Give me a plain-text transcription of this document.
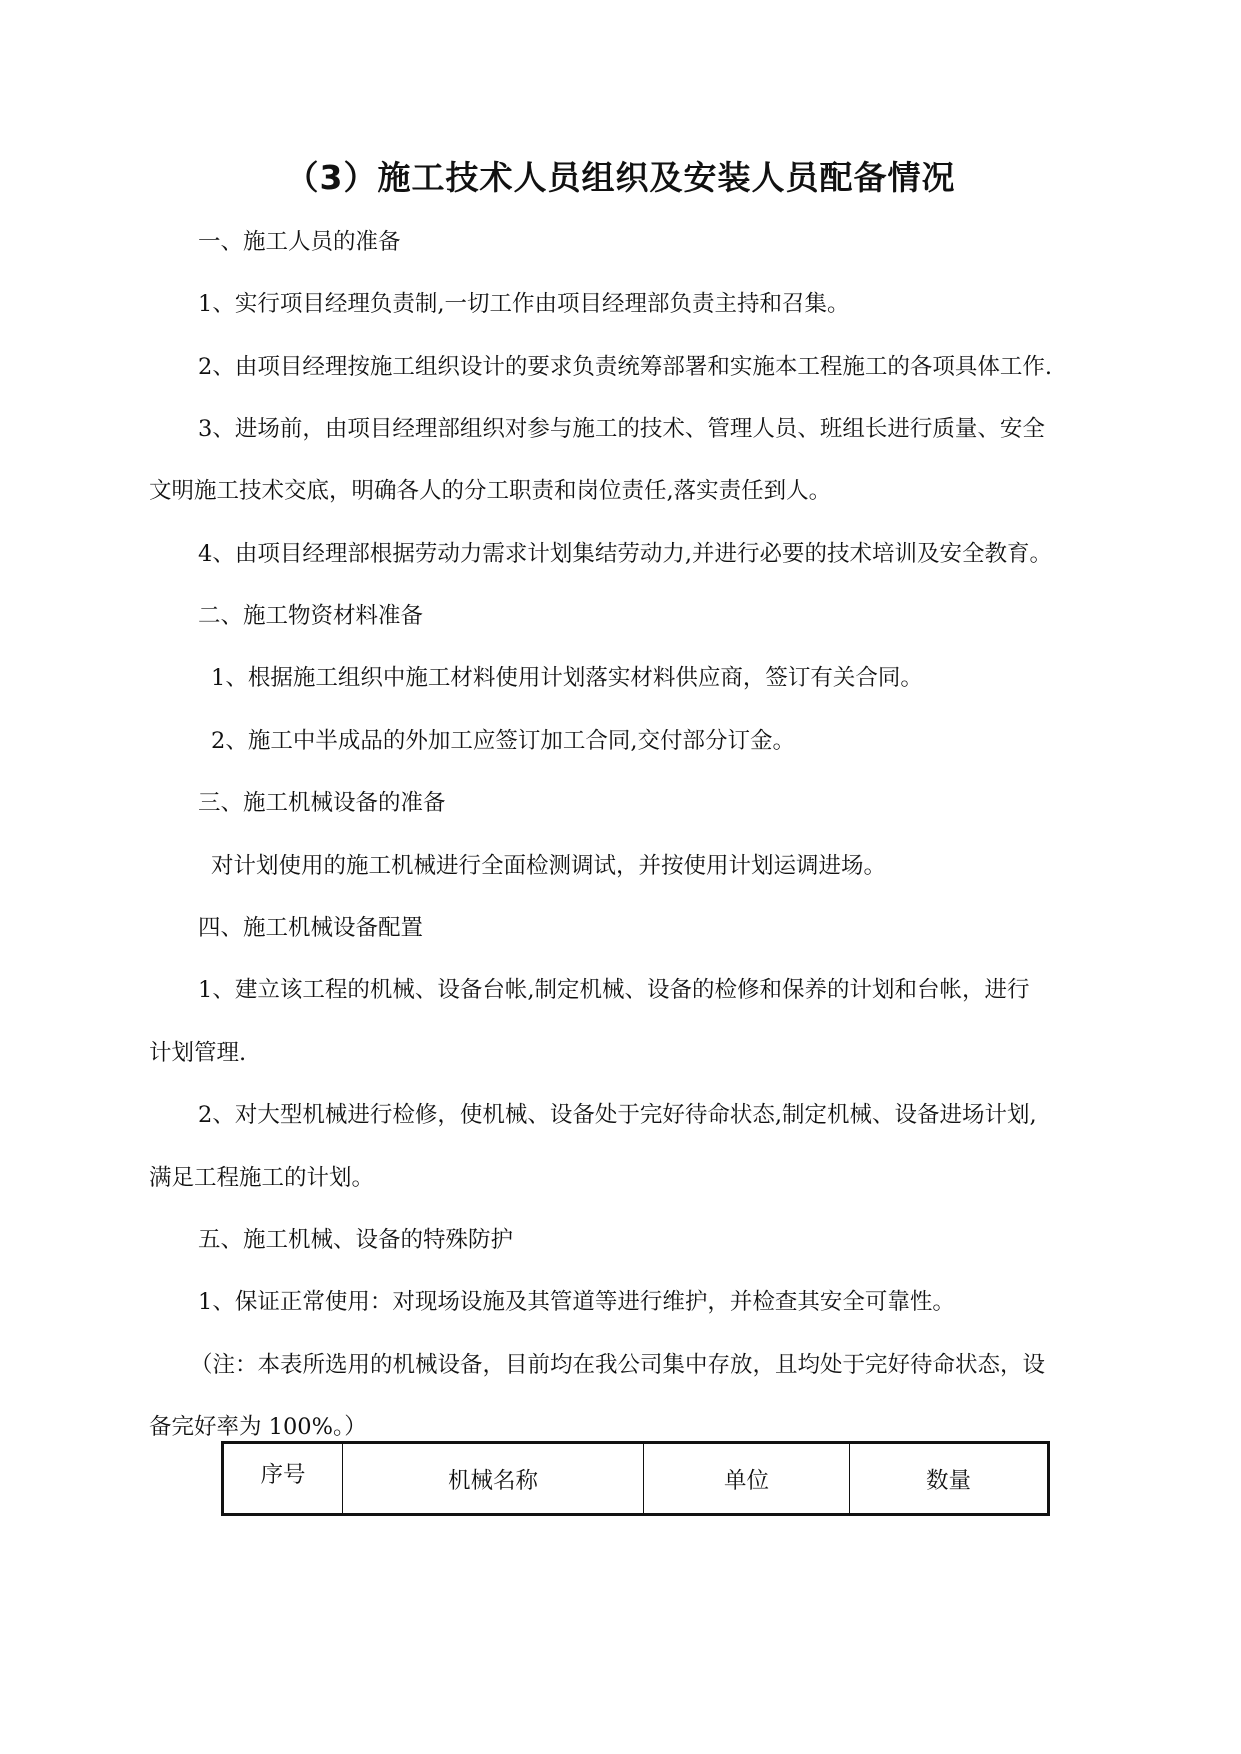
（3）施工技术人员组织及安装人员配备情况

一、施工人员的准备

1、实行项目经理负责制,一切工作由项目经理部负责主持和召集。

2、由项目经理按施工组织设计的要求负责统筹部署和实施本工程施工的各项具体工作.

3、进场前，由项目经理部组织对参与施工的技术、管理人员、班组长进行质量、安全

文明施工技术交底，明确各人的分工职责和岗位责任,落实责任到人。

4、由项目经理部根据劳动力需求计划集结劳动力,并进行必要的技术培训及安全教育。

二、施工物资材料准备

1、根据施工组织中施工材料使用计划落实材料供应商，签订有关合同。

2、施工中半成品的外加工应签订加工合同,交付部分订金。

三、施工机械设备的准备

对计划使用的施工机械进行全面检测调试，并按使用计划运调进场。

四、施工机械设备配置

1、建立该工程的机械、设备台帐,制定机械、设备的检修和保养的计划和台帐，进行

计划管理.

2、对大型机械进行检修，使机械、设备处于完好待命状态,制定机械、设备进场计划,

满足工程施工的计划。

五、施工机械、设备的特殊防护

1、保证正常使用：对现场设施及其管道等进行维护，并检查其安全可靠性。

（注：本表所选用的机械设备，目前均在我公司集中存放，且均处于完好待命状态，设

备完好率为 100%。）

序号	机械名称	单位	数量
